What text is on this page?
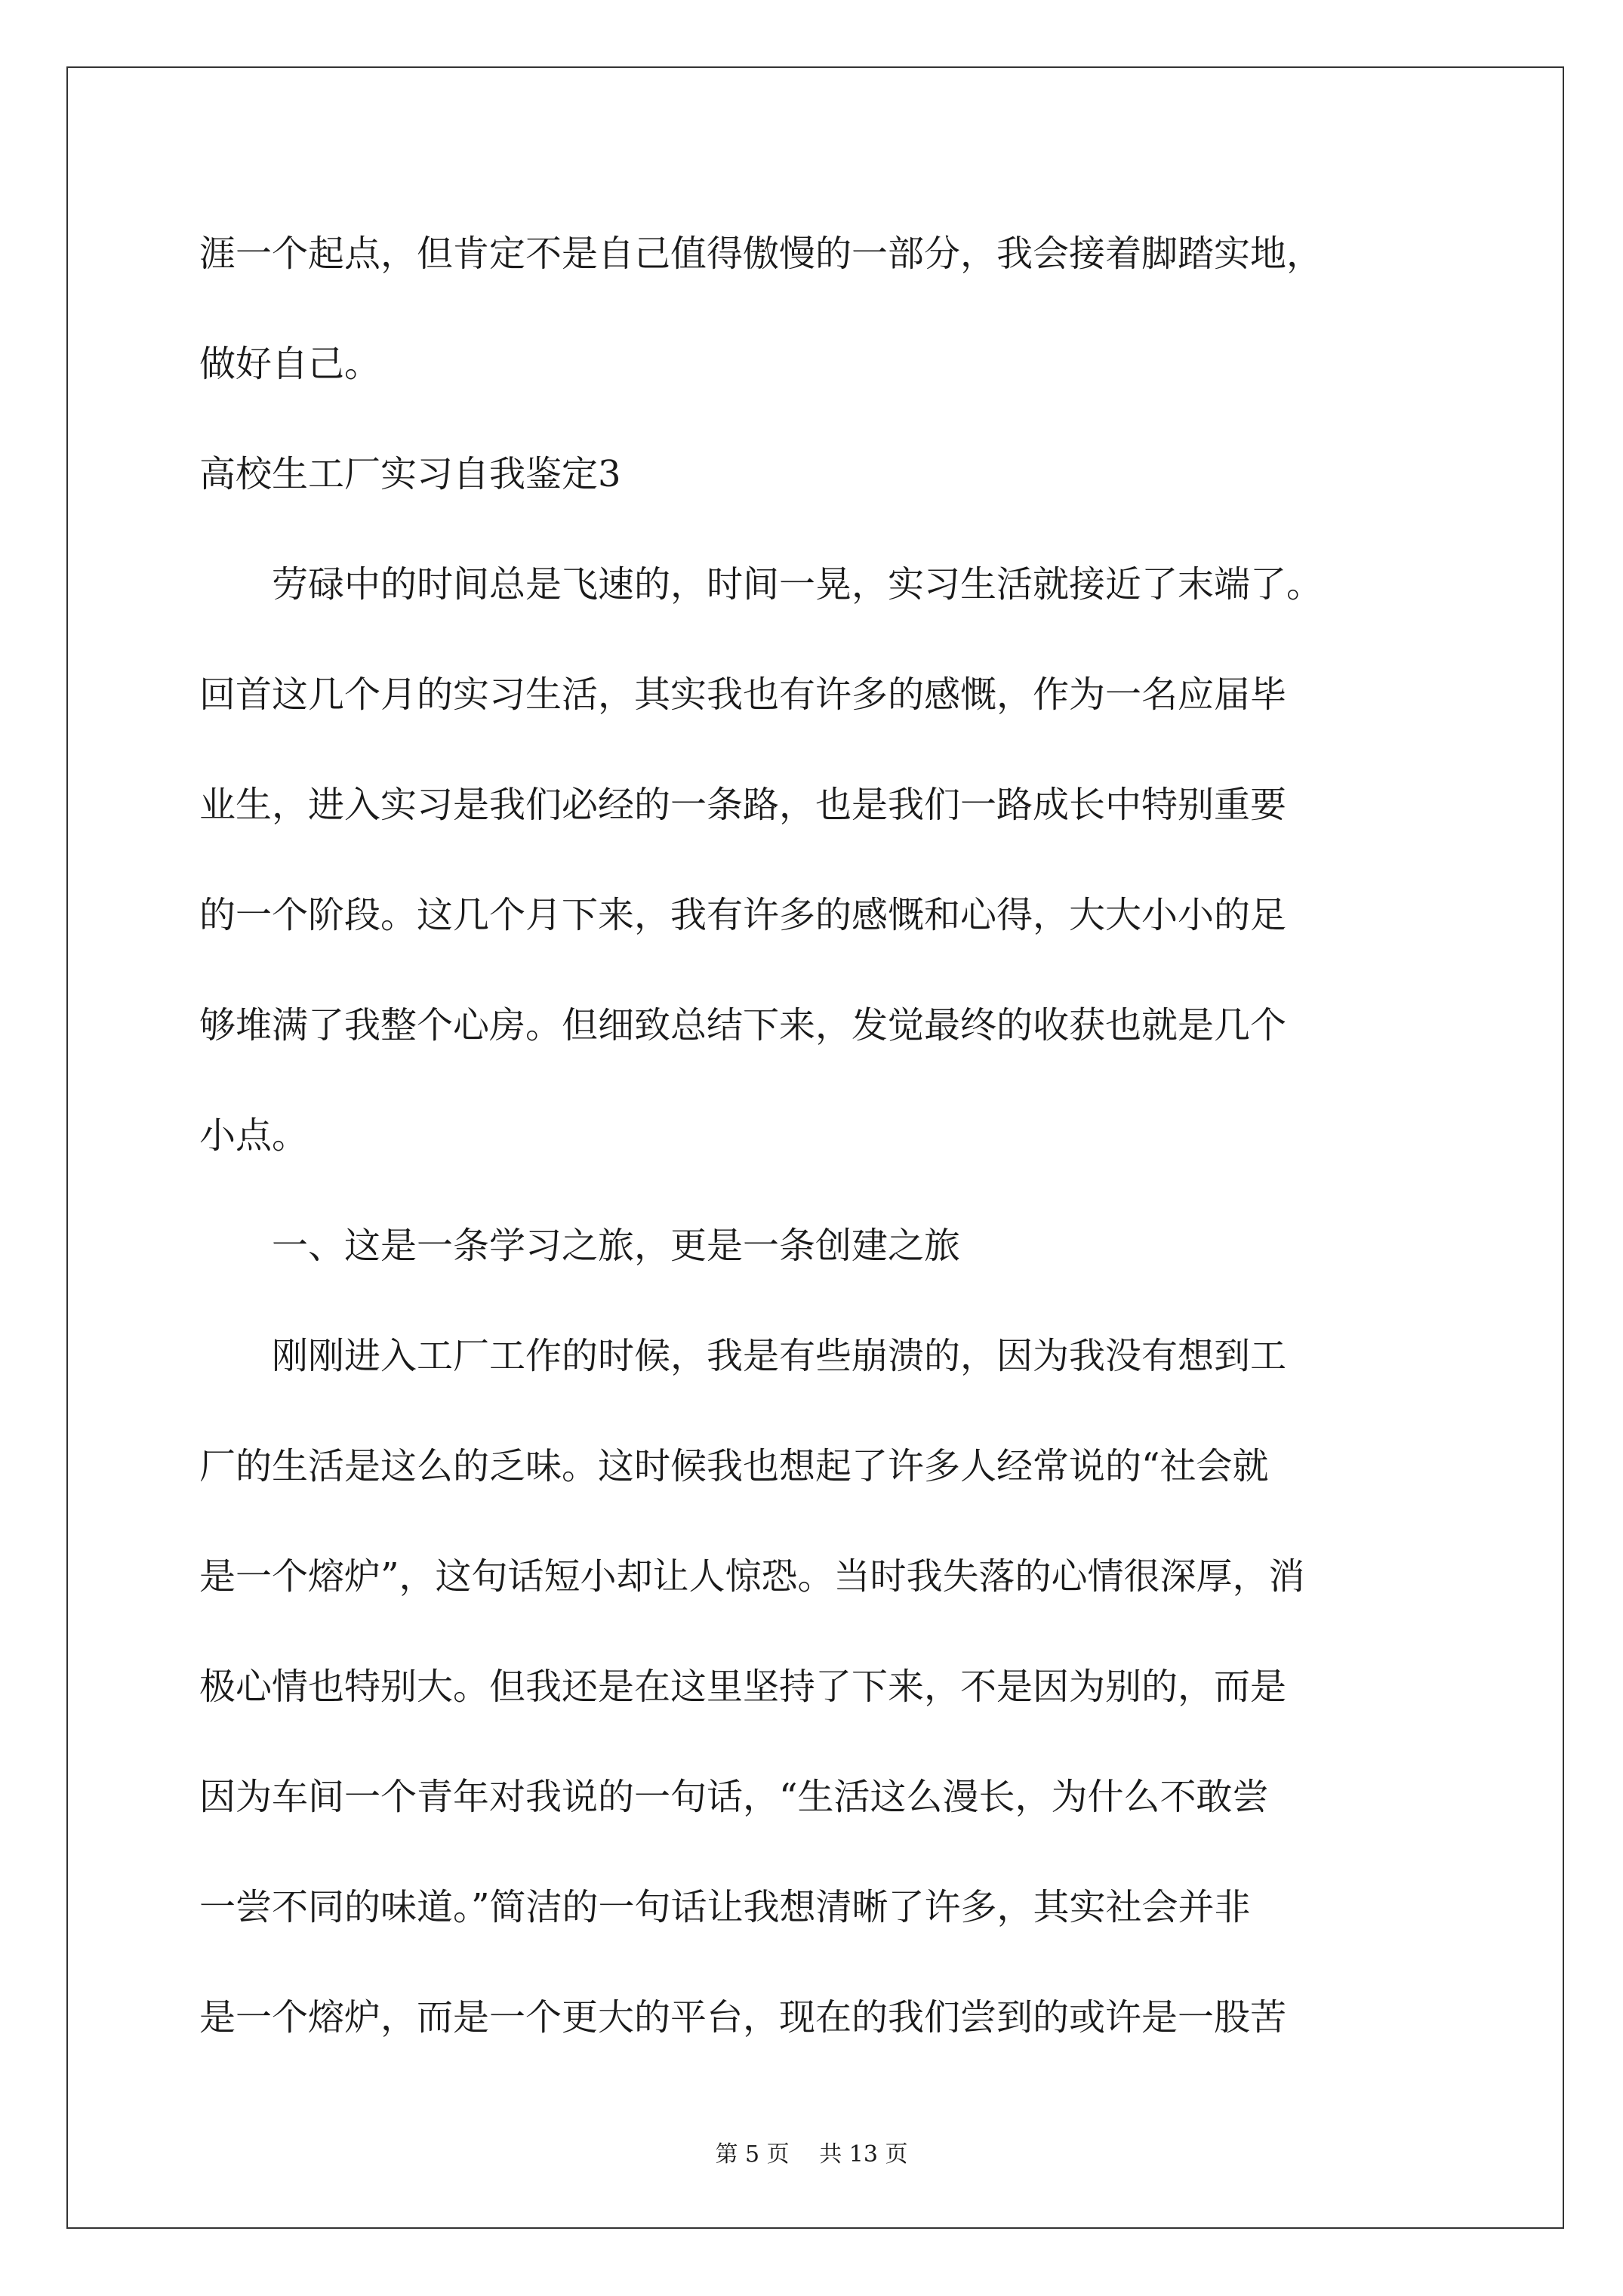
涯一个起点，但肯定不是自己值得傲慢的一部分，我会接着脚踏实地，
做好自己。
高校生工厂实习自我鉴定3
　　劳碌中的时间总是飞速的，时间一晃，实习生活就接近了末端了。
回首这几个月的实习生活，其实我也有许多的感慨，作为一名应届毕
业生，进入实习是我们必经的一条路，也是我们一路成长中特别重要
的一个阶段。这几个月下来，我有许多的感慨和心得，大大小小的足
够堆满了我整个心房。但细致总结下来，发觉最终的收获也就是几个
小点。
　　一、这是一条学习之旅，更是一条创建之旅
　　刚刚进入工厂工作的时候，我是有些崩溃的，因为我没有想到工
厂的生活是这么的乏味。这时候我也想起了许多人经常说的“社会就
是一个熔炉”，这句话短小却让人惊恐。当时我失落的心情很深厚，消
极心情也特别大。但我还是在这里坚持了下来，不是因为别的，而是
因为车间一个青年对我说的一句话，“生活这么漫长，为什么不敢尝
一尝不同的味道。”简洁的一句话让我想清晰了许多，其实社会并非
是一个熔炉，而是一个更大的平台，现在的我们尝到的或许是一股苦
第 5 页　 共 13 页
